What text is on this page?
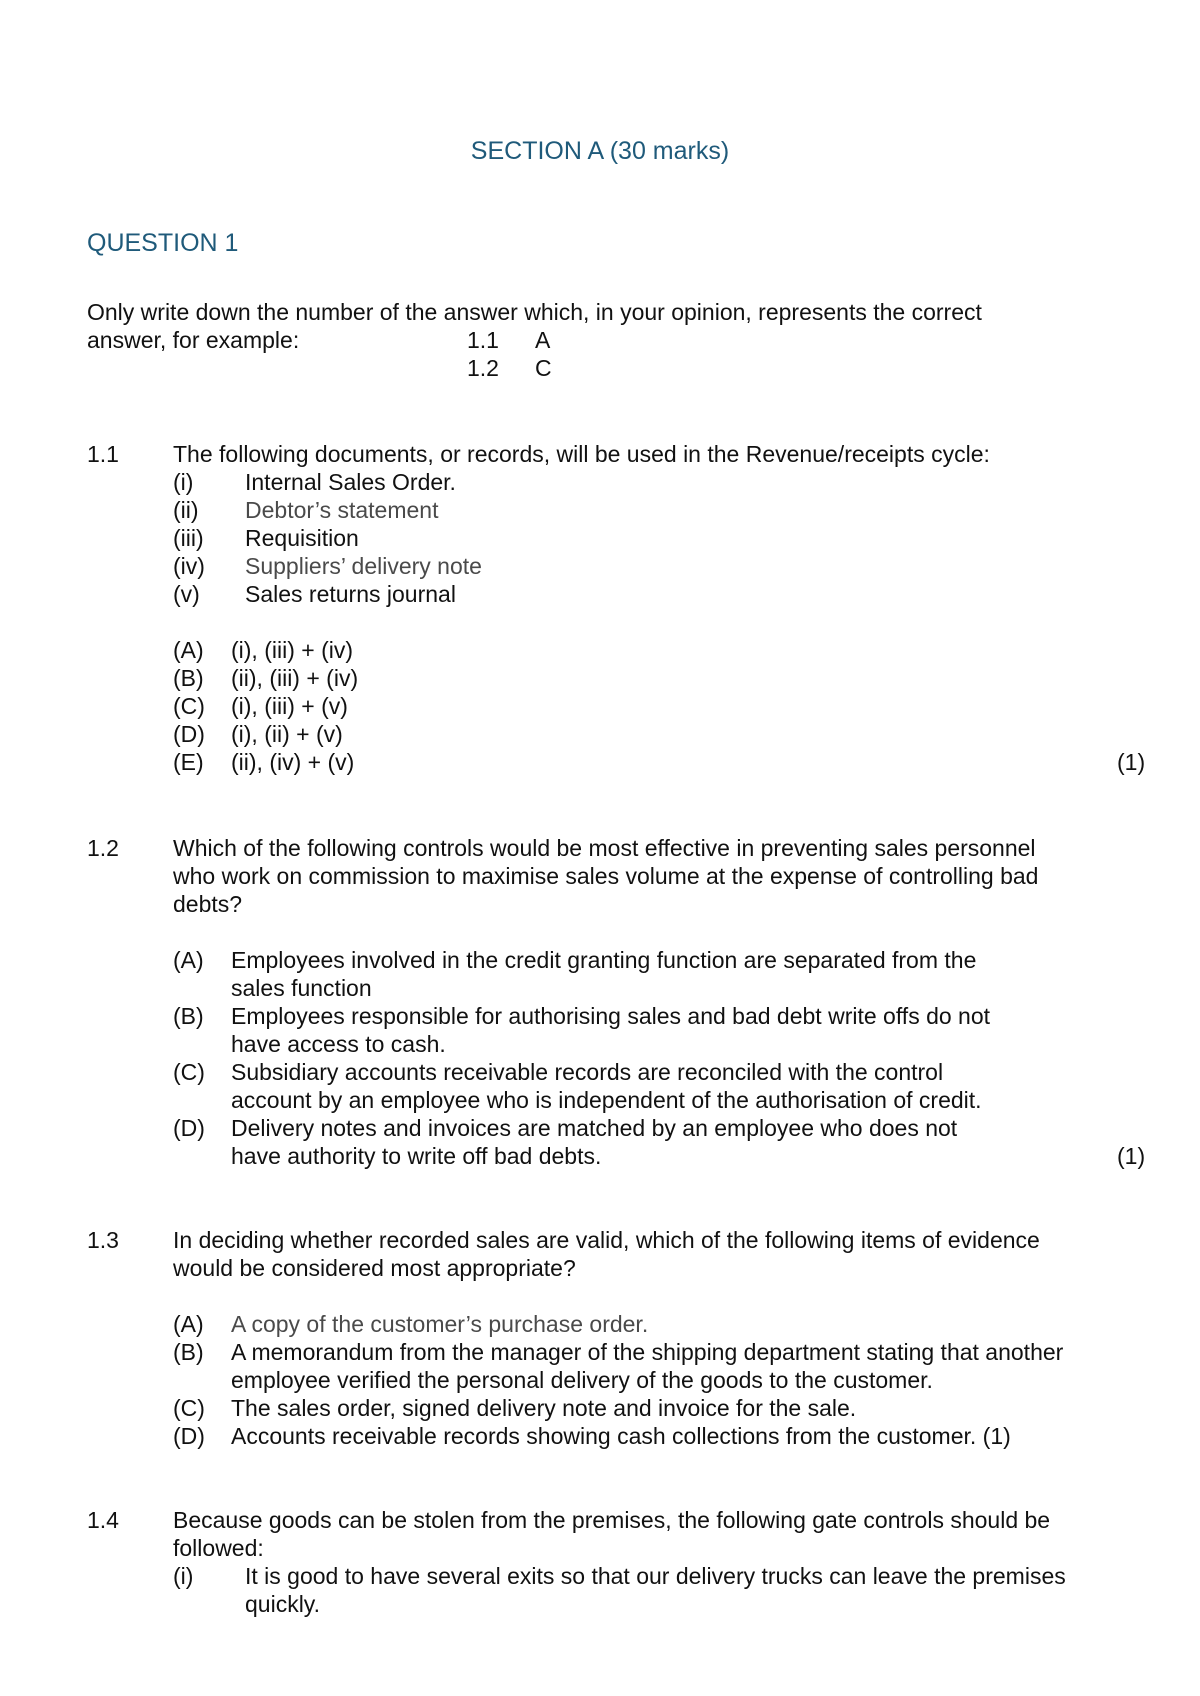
SECTION A (30 marks)
QUESTION 1
Only write down the number of the answer which, in your opinion, represents the correct
answer, for example:	1.1 A
1.2 C
1.1 The following documents, or records, will be used in the Revenue/receipts cycle:
(i) Internal Sales Order.
(ii) Debtor’s statement
(iii) Requisition
(iv) Suppliers’ delivery note
(v) Sales returns journal
(A) (i), (iii) + (iv)
(B) (ii), (iii) + (iv)
(C) (i), (iii) + (v)
(D) (i), (ii) + (v)
(E) (ii), (iv) + (v)	(1)
1.2 Which of the following controls would be most effective in preventing sales personnel
who work on commission to maximise sales volume at the expense of controlling bad
debts?
(A) Employees involved in the credit granting function are separated from the
sales function
(B) Employees responsible for authorising sales and bad debt write offs do not
have access to cash.
(C) Subsidiary accounts receivable records are reconciled with the control
account by an employee who is independent of the authorisation of credit.
(D) Delivery notes and invoices are matched by an employee who does not
have authority to write off bad debts.	(1)
1.3 In deciding whether recorded sales are valid, which of the following items of evidence
would be considered most appropriate?
(A) A copy of the customer’s purchase order.
(B) A memorandum from the manager of the shipping department stating that another
employee verified the personal delivery of the goods to the customer.
(C) The sales order, signed delivery note and invoice for the sale.
(D) Accounts receivable records showing cash collections from the customer. (1)
1.4 Because goods can be stolen from the premises, the following gate controls should be
followed:
(i) It is good to have several exits so that our delivery trucks can leave the premises
quickly.
